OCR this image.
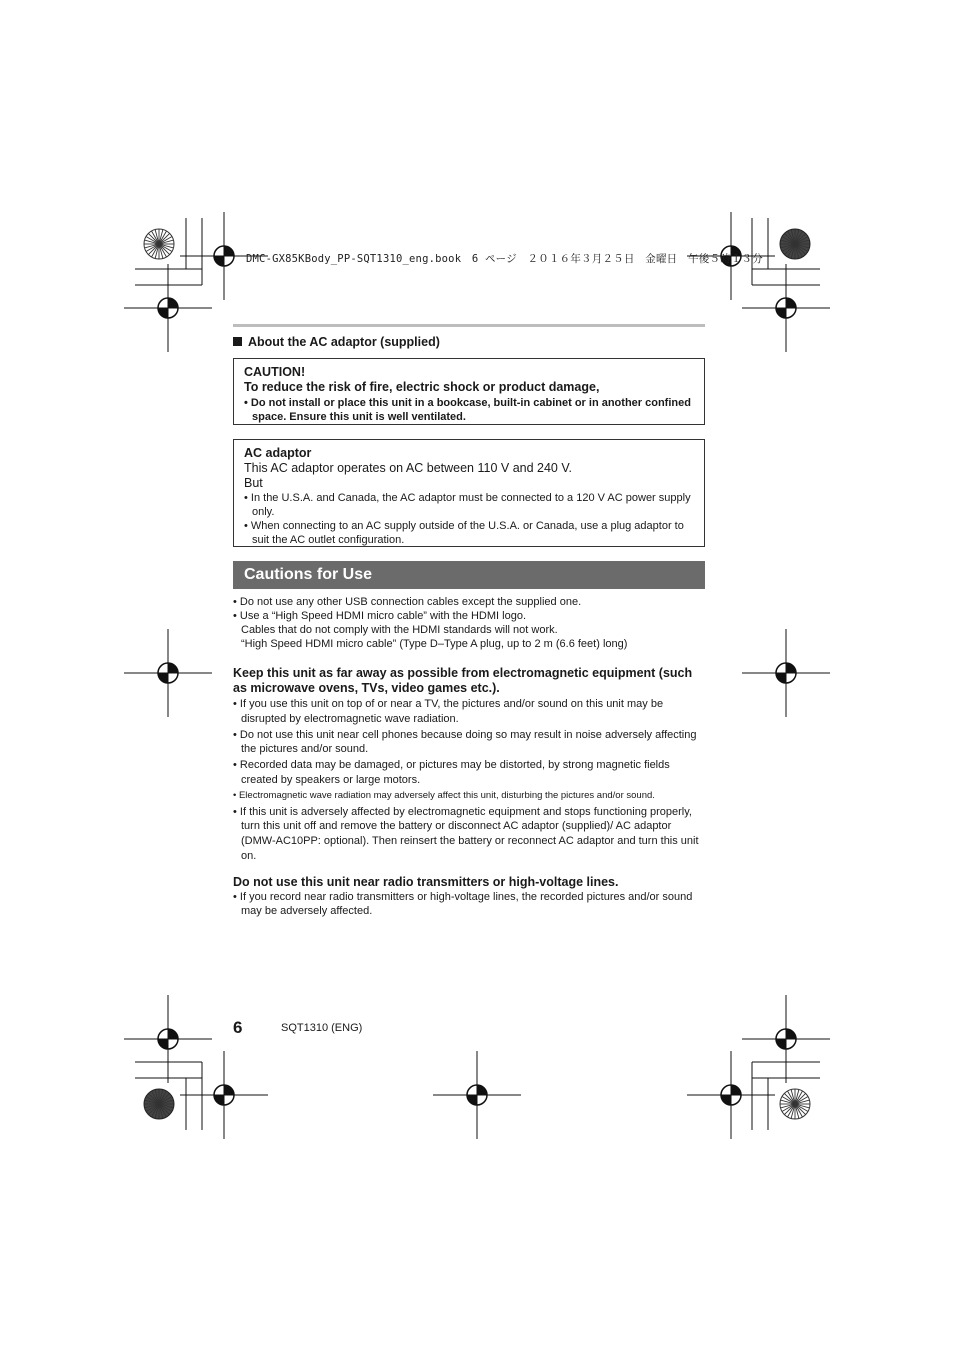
DMC-GX85KBody_PP-SQT1310_eng.book　6 ページ　２０１６年３月２５日　金曜日　午後５時１３分
About the AC adaptor (supplied)
CAUTION!
To reduce the risk of fire, electric shock or product damage,
• Do not install or place this unit in a bookcase, built-in cabinet or in another confined space. Ensure this unit is well ventilated.
AC adaptor
This AC adaptor operates on AC between 110 V and 240 V.
But
• In the U.S.A. and Canada, the AC adaptor must be connected to a 120 V AC power supply only.
• When connecting to an AC supply outside of the U.S.A. or Canada, use a plug adaptor to suit the AC outlet configuration.
Cautions for Use
• Do not use any other USB connection cables except the supplied one.
• Use a “High Speed HDMI micro cable” with the HDMI logo.
Cables that do not comply with the HDMI standards will not work.
“High Speed HDMI micro cable” (Type D–Type A plug, up to 2 m (6.6 feet) long)
Keep this unit as far away as possible from electromagnetic equipment (such as microwave ovens, TVs, video games etc.).
• If you use this unit on top of or near a TV, the pictures and/or sound on this unit may be disrupted by electromagnetic wave radiation.
• Do not use this unit near cell phones because doing so may result in noise adversely affecting the pictures and/or sound.
• Recorded data may be damaged, or pictures may be distorted, by strong magnetic fields created by speakers or large motors.
• Electromagnetic wave radiation may adversely affect this unit, disturbing the pictures and/or sound.
• If this unit is adversely affected by electromagnetic equipment and stops functioning properly, turn this unit off and remove the battery or disconnect AC adaptor (supplied)/ AC adaptor (DMW-AC10PP: optional). Then reinsert the battery or reconnect AC adaptor and turn this unit on.
Do not use this unit near radio transmitters or high-voltage lines.
• If you record near radio transmitters or high-voltage lines, the recorded pictures and/or sound may be adversely affected.
6	SQT1310 (ENG)
